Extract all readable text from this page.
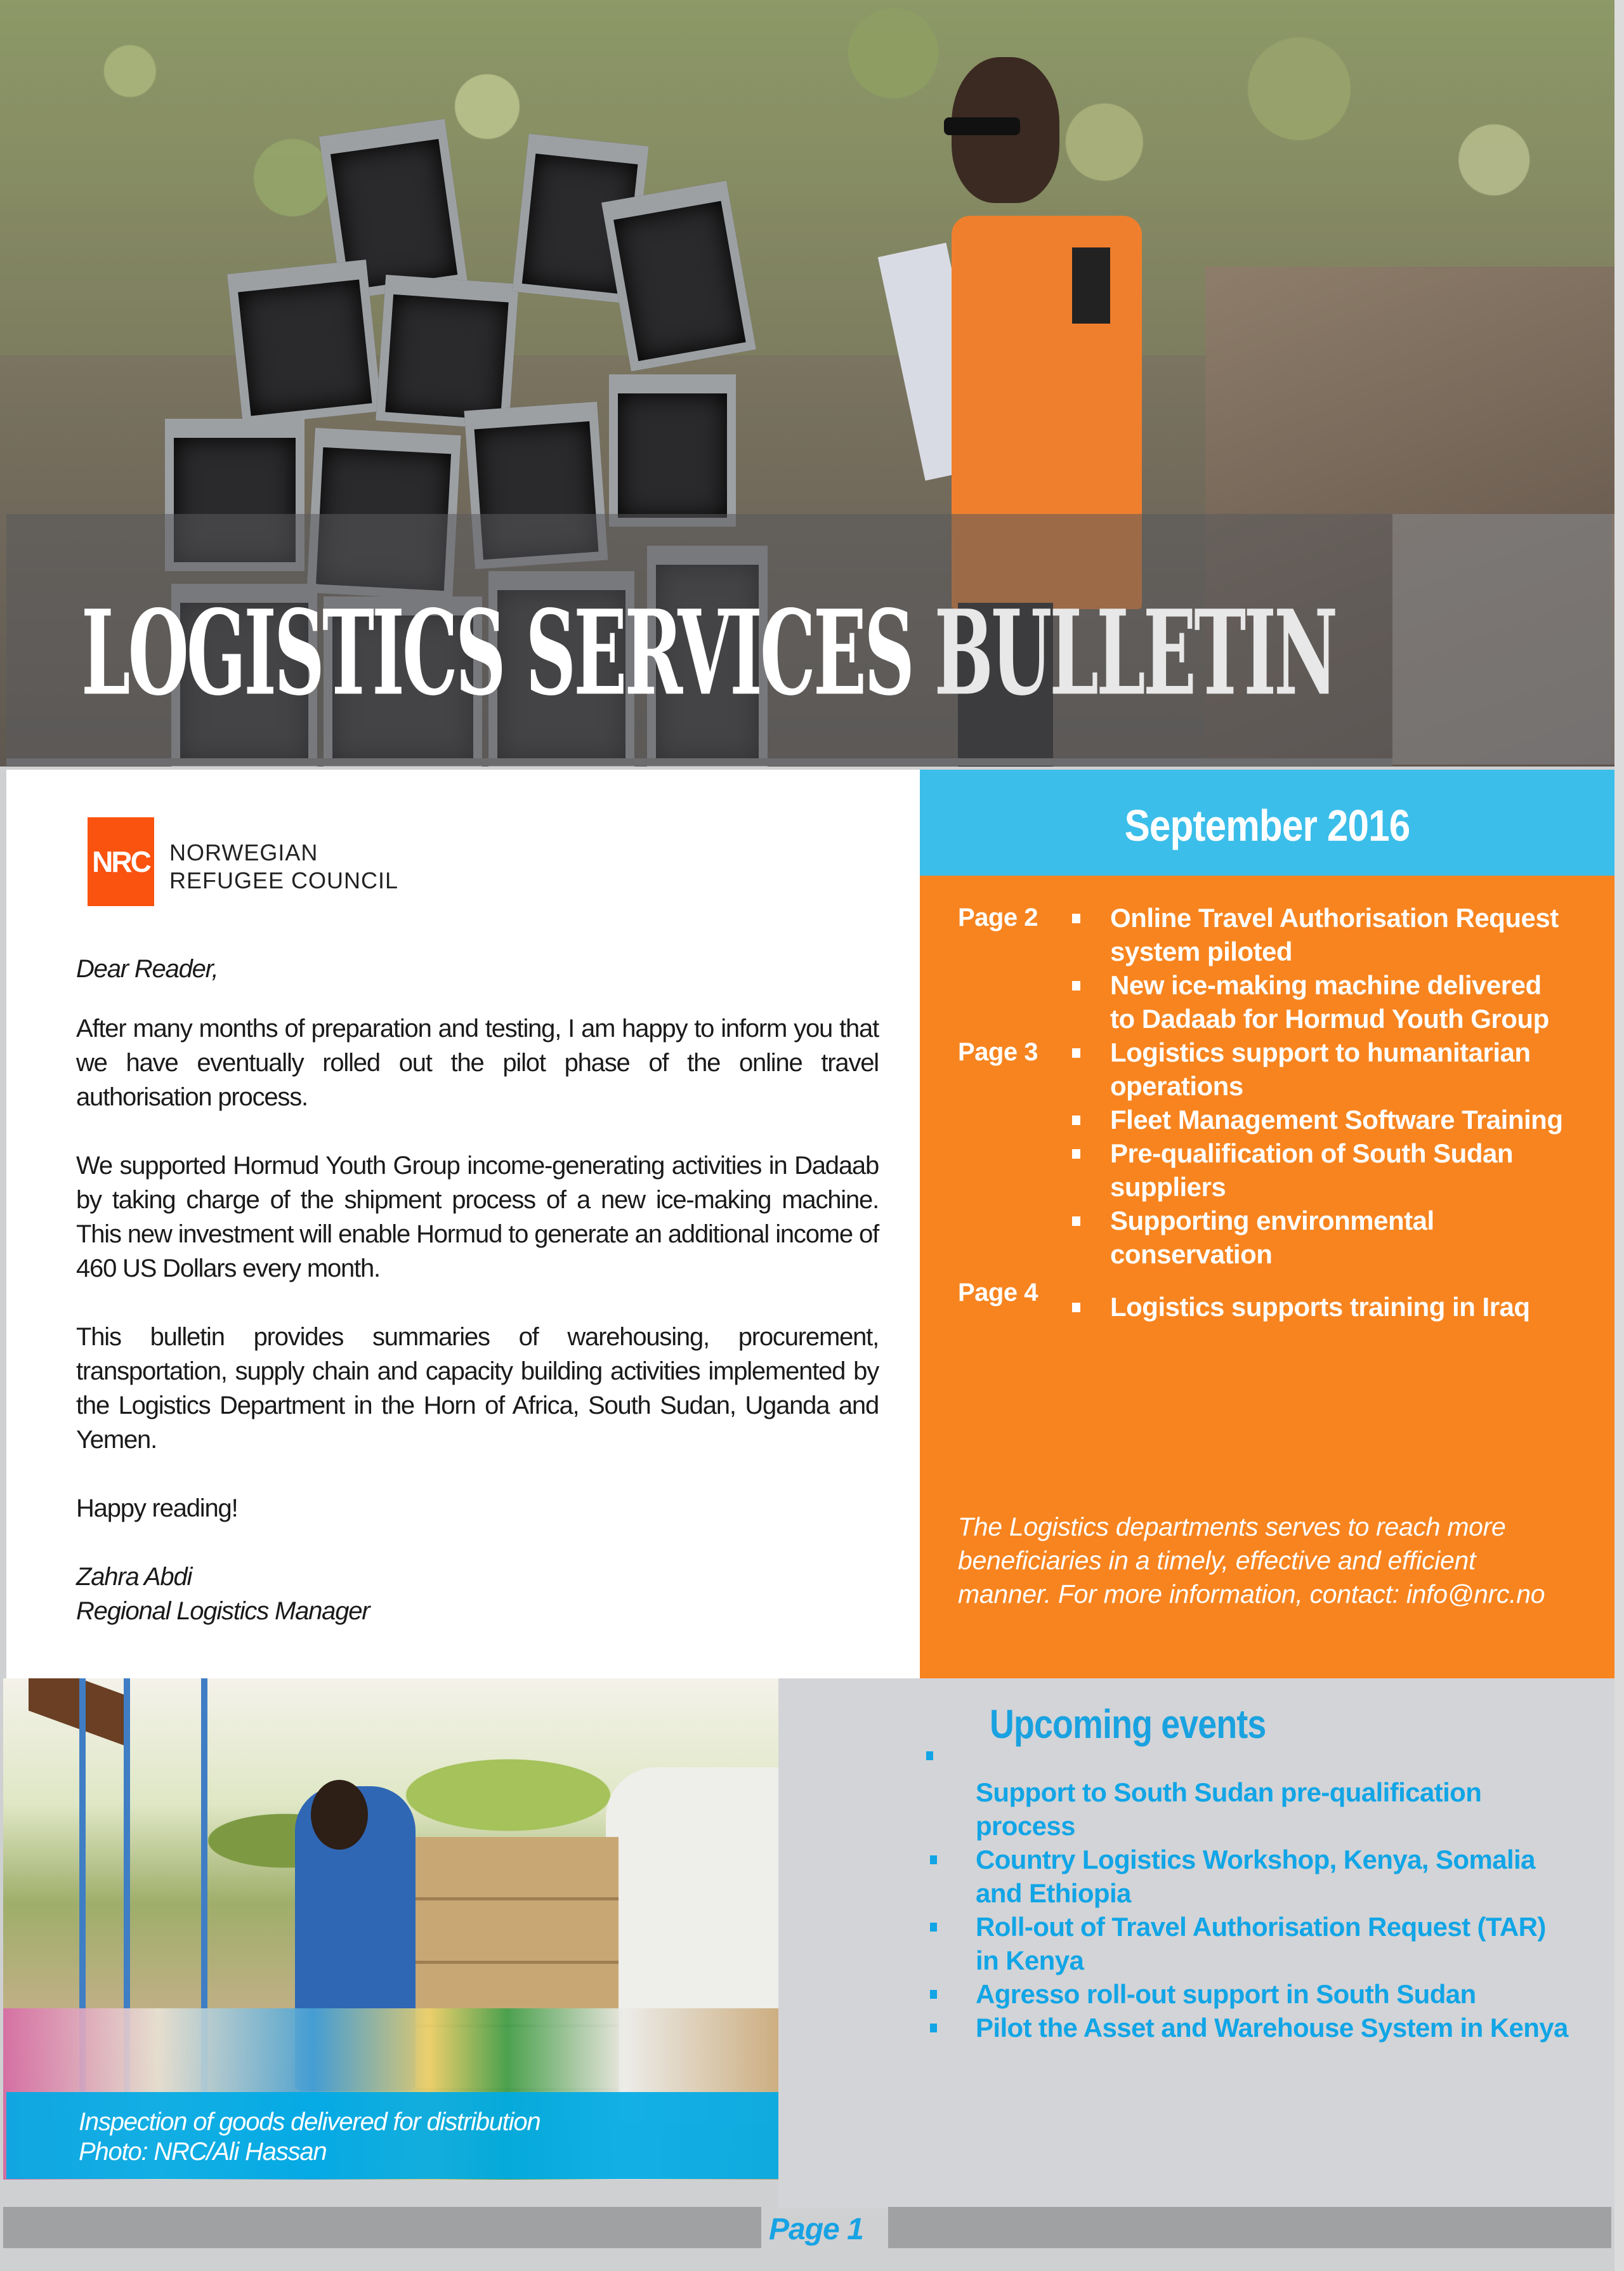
LOGISTICS SERVICES BULLETIN
NRC NORWEGIAN
REFUGEE COUNCIL

Dear Reader,

After many months of preparation and testing, I am happy to inform you that we have eventually rolled out the pilot phase of the online travel authorisation process.

We supported Hormud Youth Group income-generating activities in Dadaab by taking charge of the shipment process of a new ice-making machine. This new investment will enable Hormud to generate an additional income of 460 US Dollars every month.

This bulletin provides summaries of warehousing, procurement, transportation, supply chain and capacity building activities implemented by the Logistics Department in the Horn of Africa, South Sudan, Uganda and Yemen.

Happy reading!

Zahra Abdi

Regional Logistics Manager

September 2016
Page 2	Online Travel Authorisation Request system piloted
New ice-making machine delivered to Dadaab for Hormud Youth Group
Page 3	Logistics support to humanitarian operations
Fleet Management Software Training
Pre-qualification of South Sudan suppliers
Supporting environmental conservation
Page 4	Logistics supports training in Iraq
The Logistics departments serves to reach more beneficiaries in a timely, effective and efficient manner. For more information, contact: info@nrc.no
Inspection of goods delivered for distribution
Photo: NRC/Ali Hassan
Upcoming events
Support to South Sudan pre-qualification process
Country Logistics Workshop, Kenya, Somalia and Ethiopia
Roll-out of Travel Authorisation Request (TAR) in Kenya
Agresso roll-out support in South Sudan
Pilot the Asset and Warehouse System in Kenya
Page 1
